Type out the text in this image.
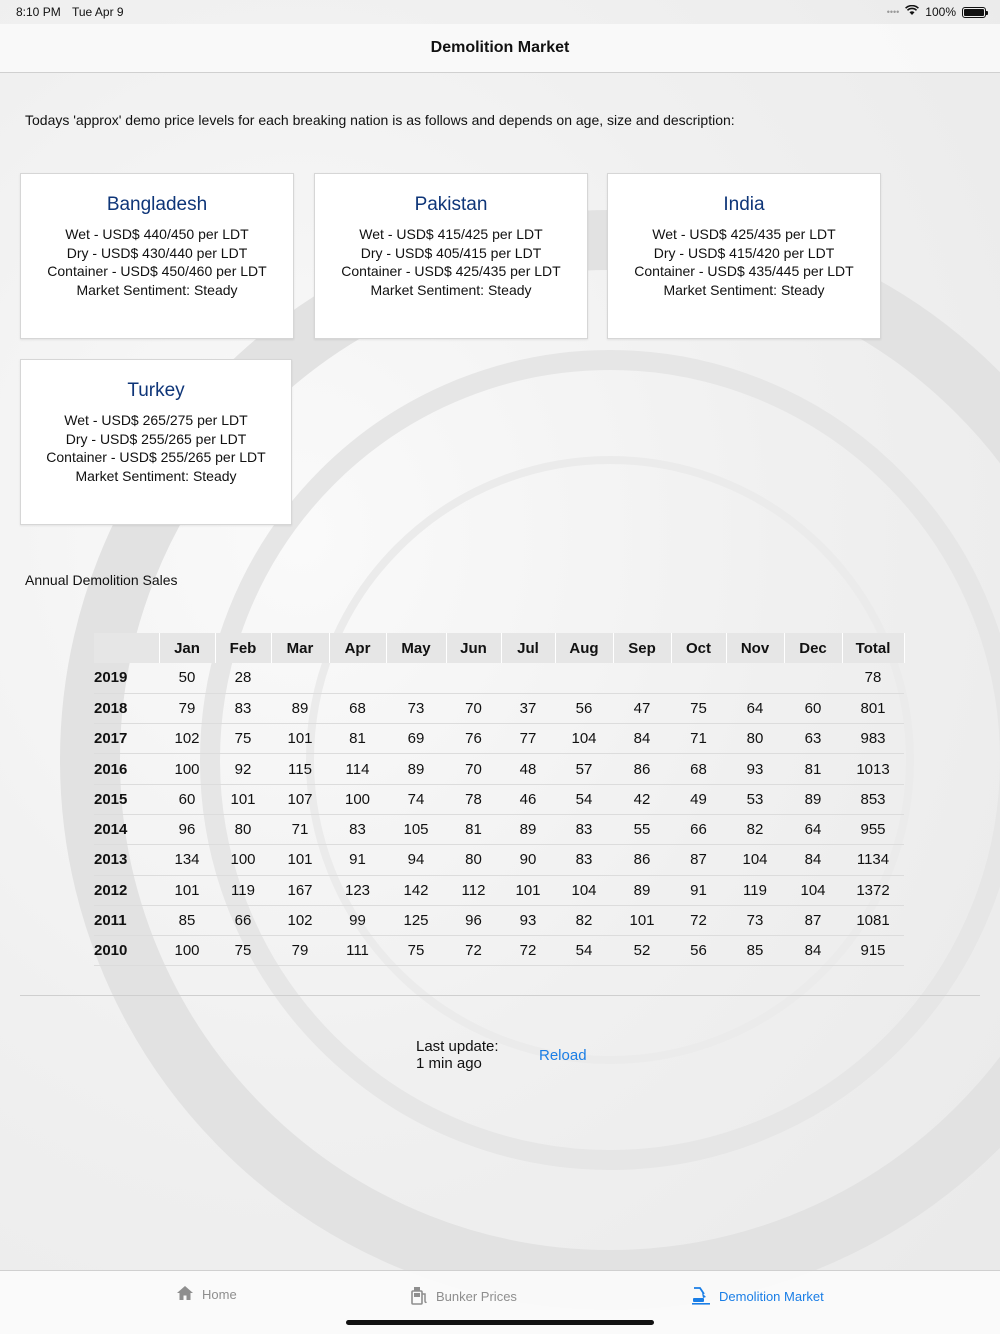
8:10 PM Tue Apr 9	•••• 100%
Demolition Market
Todays 'approx' demo price levels for each breaking nation is as follows and depends on age, size and description:
Bangladesh
Wet - USD$ 440/450 per LDT
Dry - USD$ 430/440 per LDT
Container - USD$ 450/460 per LDT
Market Sentiment: Steady
Pakistan
Wet - USD$ 415/425 per LDT
Dry - USD$ 405/415 per LDT
Container - USD$ 425/435 per LDT
Market Sentiment: Steady
India
Wet - USD$ 425/435 per LDT
Dry - USD$ 415/420 per LDT
Container - USD$ 435/445 per LDT
Market Sentiment: Steady
Turkey
Wet - USD$ 265/275 per LDT
Dry - USD$ 255/265 per LDT
Container - USD$ 255/265 per LDT
Market Sentiment: Steady
Annual Demolition Sales
	Jan	Feb	Mar	Apr	May	Jun	Jul	Aug	Sep	Oct	Nov	Dec	Total
2019	50	28											78
2018	79	83	89	68	73	70	37	56	47	75	64	60	801
2017	102	75	101	81	69	76	77	104	84	71	80	63	983
2016	100	92	115	114	89	70	48	57	86	68	93	81	1013
2015	60	101	107	100	74	78	46	54	42	49	53	89	853
2014	96	80	71	83	105	81	89	83	55	66	82	64	955
2013	134	100	101	91	94	80	90	83	86	87	104	84	1134
2012	101	119	167	123	142	112	101	104	89	91	119	104	1372
2011	85	66	102	99	125	96	93	82	101	72	73	87	1081
2010	100	75	79	111	75	72	72	54	52	56	85	84	915
Last update:
1 min ago	Reload
Home	Bunker Prices	Demolition Market
